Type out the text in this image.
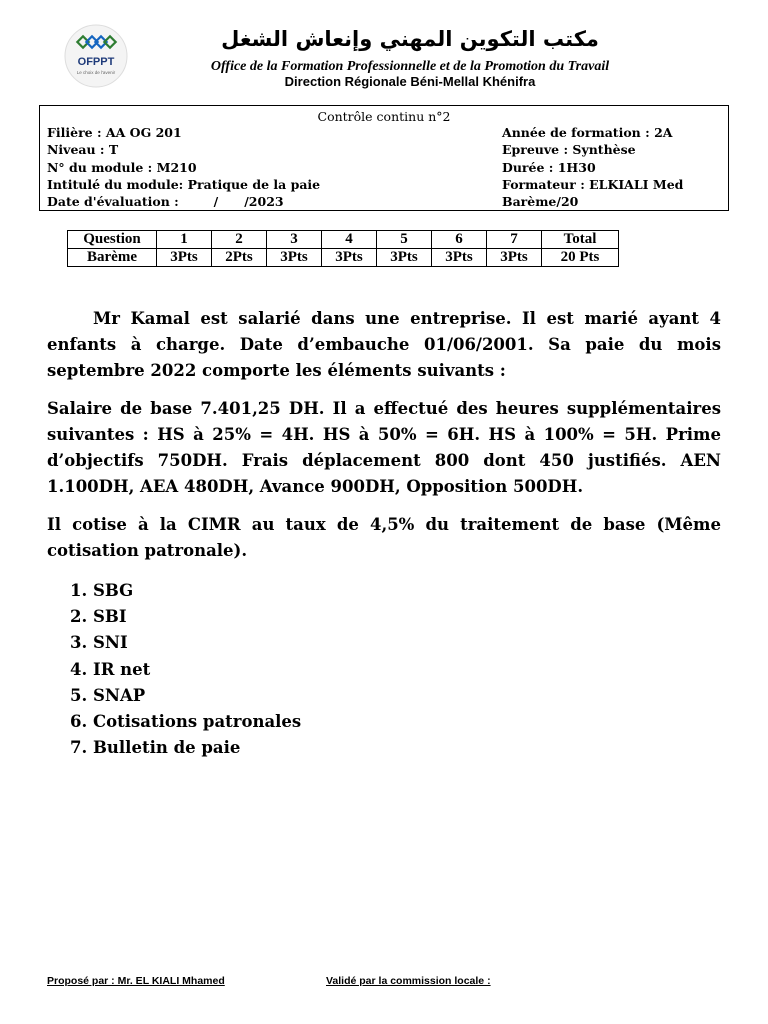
OFPPT
Le choix de l'avenir
مكتب التكوين المهني وإنعاش الشغل
Office de la Formation Professionnelle et de la Promotion du Travail
Direction Régionale Béni-Mellal Khénifra
Contrôle continu n°2
Filière : AA OG 201
Niveau : T
N° du module : M210
Intitulé du module: Pratique de la paie
Date d'évaluation :        /      /2023
Année de formation : 2A
Epreuve : Synthèse
Durée : 1H30
Formateur : ELKIALI Med
Barème/20
Question	1	2	3	4	5	6	7	Total
Barème	3Pts	2Pts	3Pts	3Pts	3Pts	3Pts	3Pts	20 Pts
Mr Kamal est salarié dans une entreprise. Il est marié ayant 4 enfants à charge. Date d’embauche 01/06/2001. Sa paie du mois septembre 2022 comporte les éléments suivants :
Salaire de base 7.401,25 DH. Il a effectué des heures supplémentaires suivantes : HS à 25% = 4H. HS à 50% = 6H. HS à 100% = 5H. Prime d’objectifs 750DH. Frais déplacement 800 dont 450 justifiés. AEN 1.100DH, AEA 480DH, Avance 900DH, Opposition 500DH.
Il cotise à la CIMR au taux de 4,5% du traitement de base (Même cotisation patronale).
1. SBG
2. SBI
3. SNI
4. IR net
5. SNAP
6. Cotisations patronales
7. Bulletin de paie
Proposé par : Mr. EL KIALI Mhamed	Validé par la commission locale :
